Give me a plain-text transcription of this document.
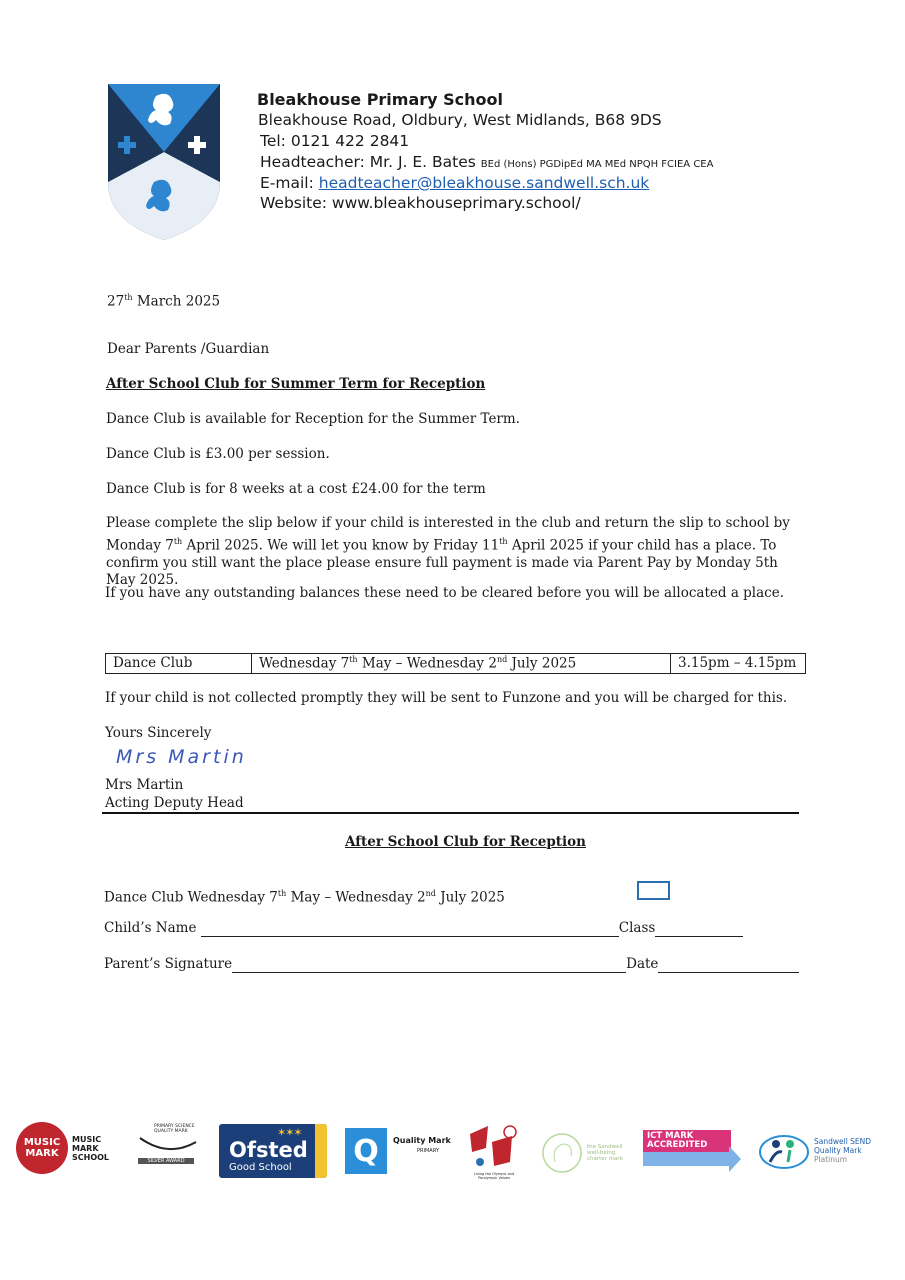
Bleakhouse Primary School
Bleakhouse Road, Oldbury, West Midlands, B68 9DS
Tel: 0121 422 2841
Headteacher: Mr. J. E. Bates BEd (Hons) PGDipEd MA MEd NPQH FCIEA CEA
E-mail: headteacher@bleakhouse.sandwell.sch.uk
Website: www.bleakhouseprimary.school/
27th March 2025
Dear Parents /Guardian
After School Club for Summer Term for Reception
Dance Club is available for Reception for the Summer Term.
Dance Club is £3.00 per session.
Dance Club is for 8 weeks at a cost £24.00 for the term
Please complete the slip below if your child is interested in the club and return the slip to school by Monday 7th April 2025. We will let you know by Friday 11th April 2025 if your child has a place. To confirm you still want the place please ensure full payment is made via Parent Pay by Monday 5th May 2025.
If you have any outstanding balances these need to be cleared before you will be allocated a place.
Dance Club	Wednesday 7th May – Wednesday 2nd July 2025	3.15pm – 4.15pm
If your child is not collected promptly they will be sent to Funzone and you will be charged for this.
Yours Sincerely
Mrs Martin
Mrs Martin
Acting Deputy Head
After School Club for Reception
Dance Club Wednesday 7th May – Wednesday 2nd July 2025
Child’s Name	Class
Parent’s Signature	Date
MUSIC MARK
MUSIC MARK SCHOOL
PRIMARY SCIENCE QUALITY MARK
SILVER AWARD
✶✶✶
Ofsted
Good School Q	Quality Mark
PRIMARY
Living the Olympic and Paralympic Values
the Sandwell well-being charter mark
ICT MARK ACCREDITED	Sandwell SEND Quality Mark
Platinum
